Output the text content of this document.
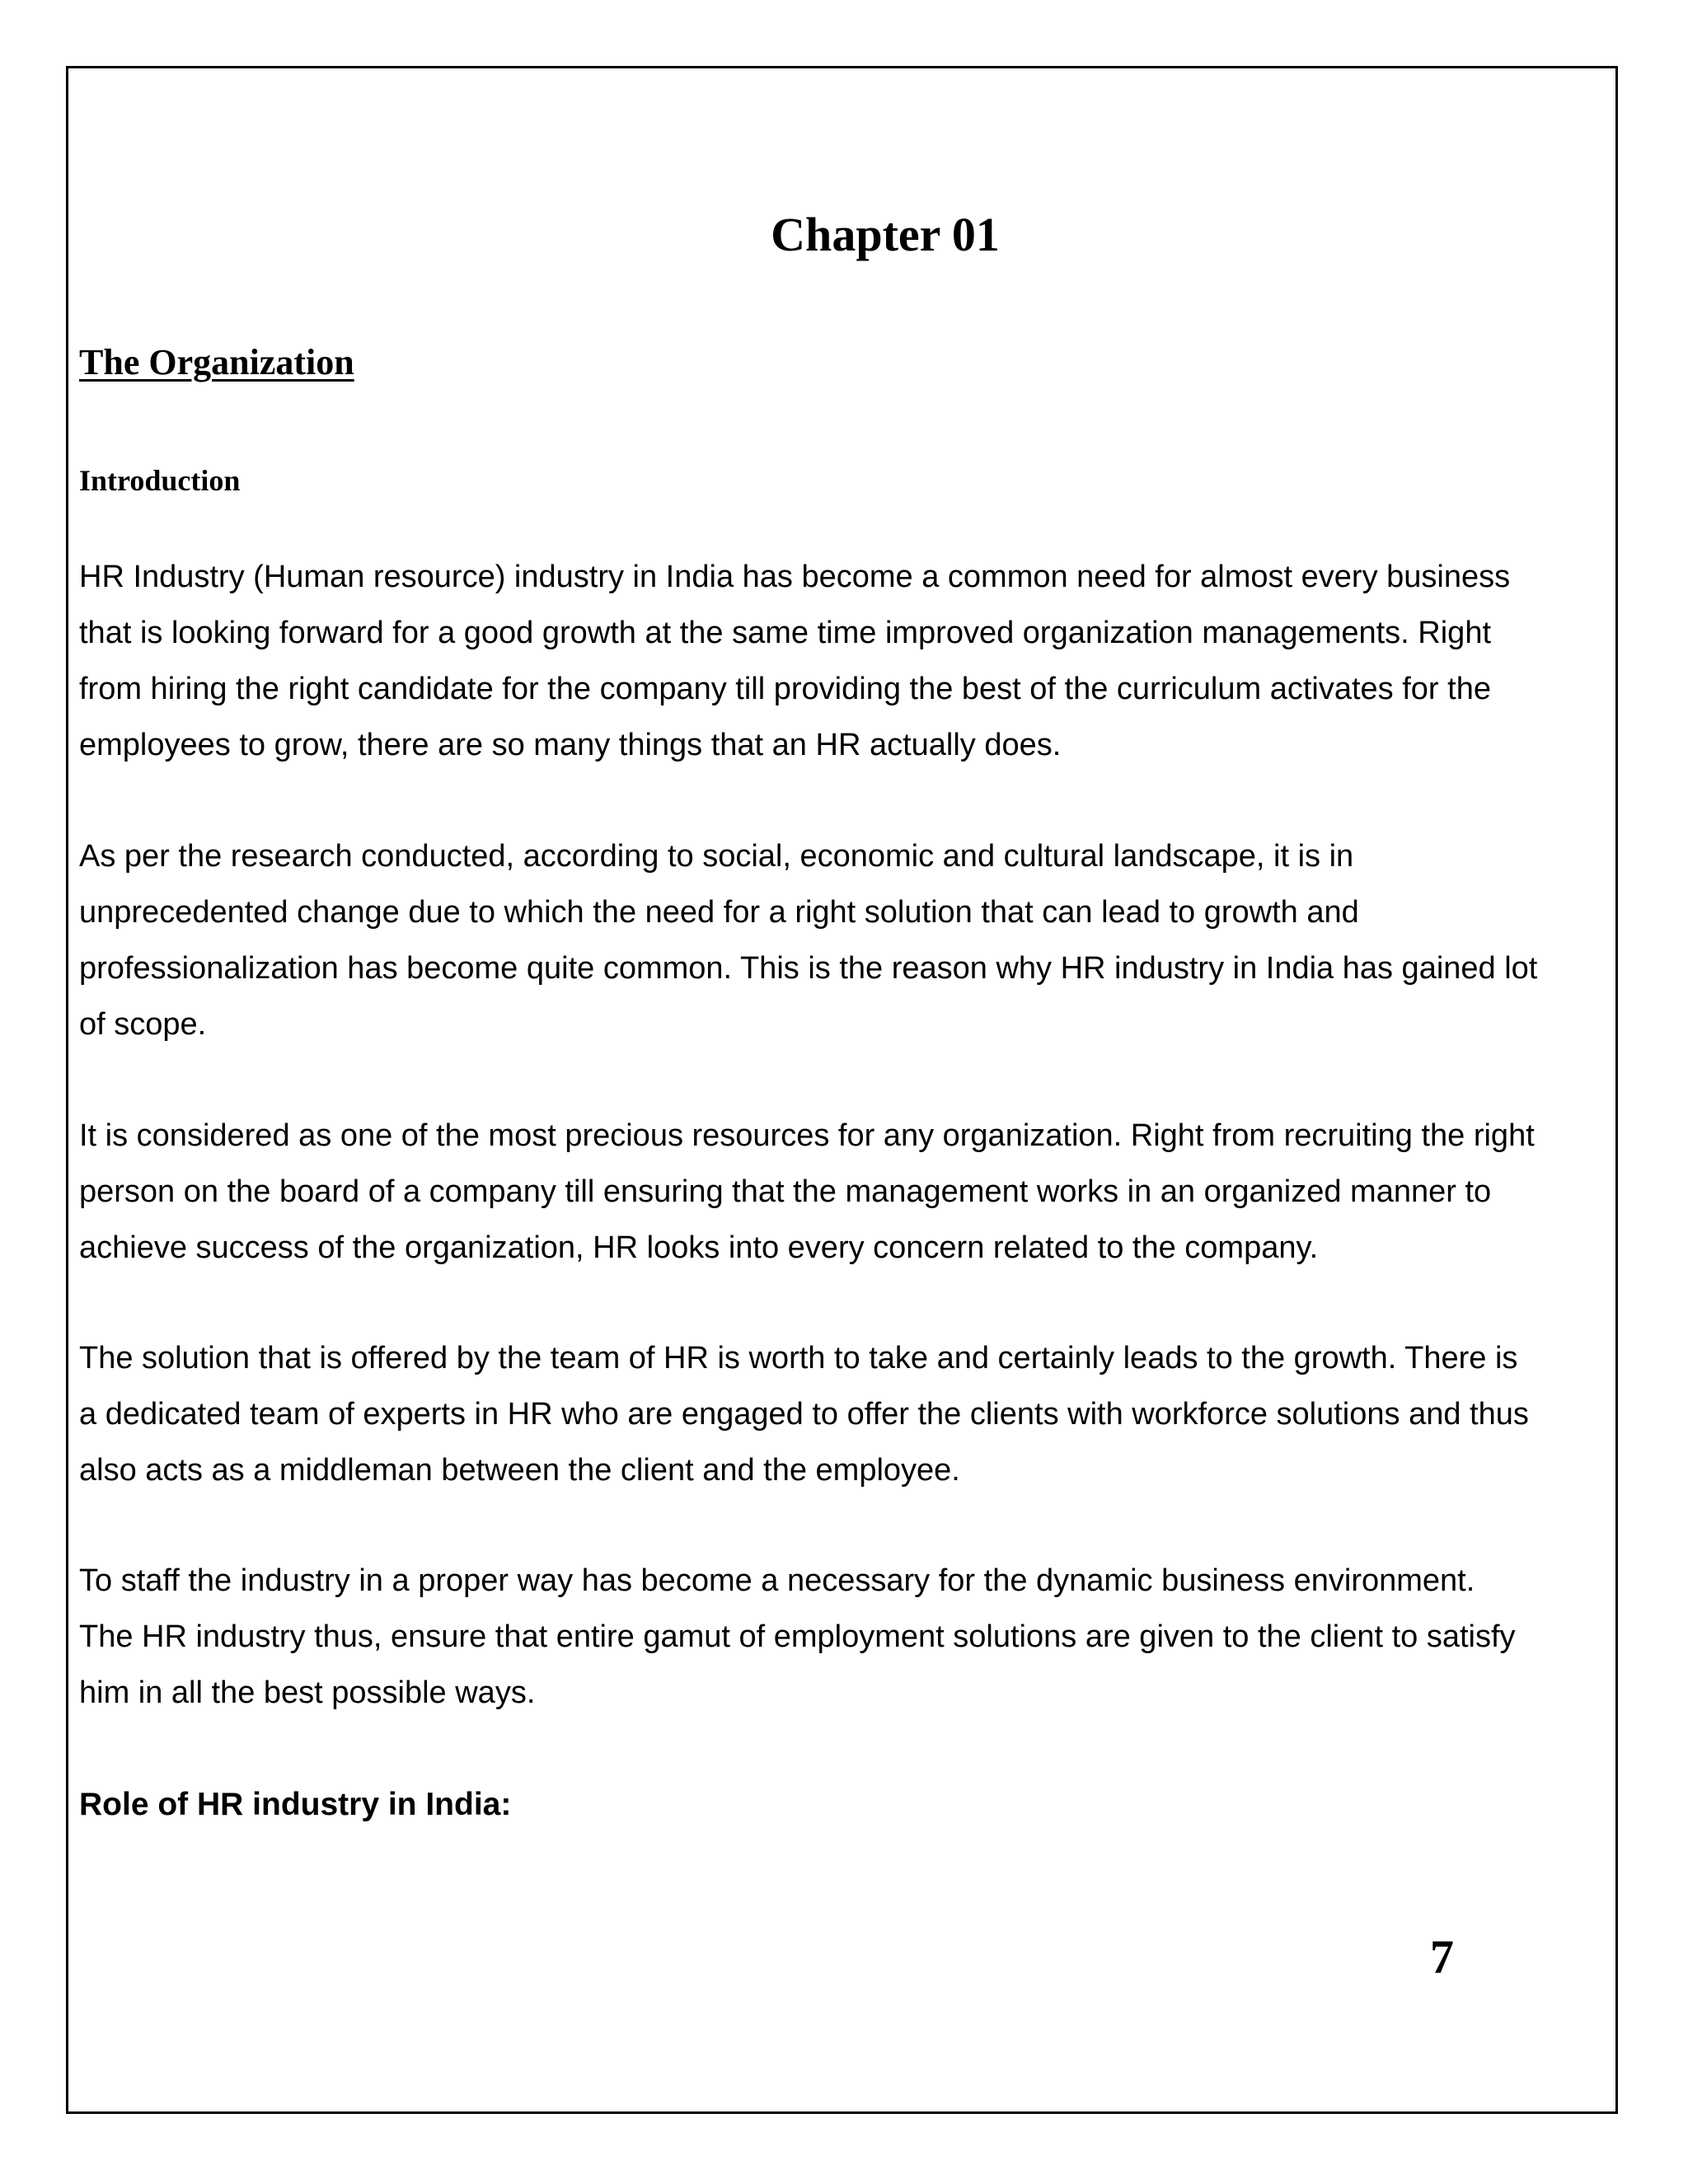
Chapter 01
The Organization
Introduction

HR Industry (Human resource) industry in India has become a common need for almost every business
that is looking forward for a good growth at the same time improved organization managements. Right
from hiring the right candidate for the company till providing the best of the curriculum activates for the
employees to grow, there are so many things that an HR actually does.

As per the research conducted, according to social, economic and cultural landscape, it is in
unprecedented change due to which the need for a right solution that can lead to growth and
professionalization has become quite common. This is the reason why HR industry in India has gained lot
of scope.

It is considered as one of the most precious resources for any organization. Right from recruiting the right
person on the board of a company till ensuring that the management works in an organized manner to
achieve success of the organization, HR looks into every concern related to the company.

The solution that is offered by the team of HR is worth to take and certainly leads to the growth. There is
a dedicated team of experts in HR who are engaged to offer the clients with workforce solutions and thus
also acts as a middleman between the client and the employee.

To staff the industry in a proper way has become a necessary for the dynamic business environment.
The HR industry thus, ensure that entire gamut of employment solutions are given to the client to satisfy
him in all the best possible ways.

Role of HR industry in India:
7
